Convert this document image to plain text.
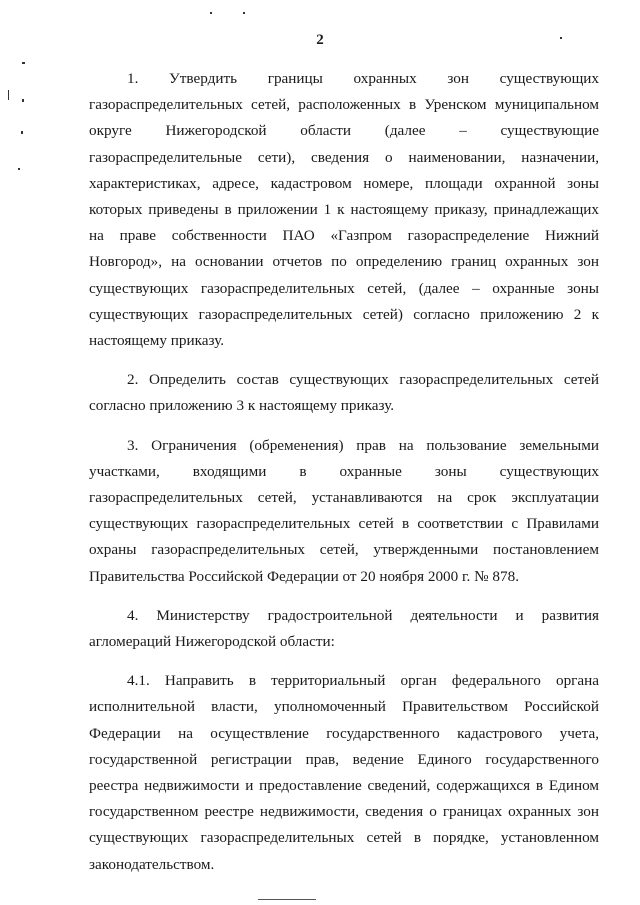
2

1. Утвердить границы охранных зон существующих газораспределительных сетей, расположенных в Уренском муниципальном округе Нижегородской области (далее – существующие газораспределительные сети), сведения о наименовании, назначении, характеристиках, адресе, кадастровом номере, площади охранной зоны которых приведены в приложении 1 к настоящему приказу, принадлежащих на праве собственности ПАО «Газпром газораспределение Нижний Новгород», на основании отчетов по определению границ охранных зон существующих газораспределительных сетей, (далее – охранные зоны существующих газораспределительных сетей) согласно приложению 2 к настоящему приказу.

2. Определить состав существующих газораспределительных сетей согласно приложению 3 к настоящему приказу.

3. Ограничения (обременения) прав на пользование земельными участками, входящими в охранные зоны существующих газораспределительных сетей, устанавливаются на срок эксплуатации существующих газораспределительных сетей в соответствии с Правилами охраны газораспределительных сетей, утвержденными постановлением Правительства Российской Федерации от 20 ноября 2000 г. № 878.

4. Министерству градостроительной деятельности и развития агломераций Нижегородской области:

4.1. Направить в территориальный орган федерального органа исполнительной власти, уполномоченный Правительством Российской Федерации на осуществление государственного кадастрового учета, государственной регистрации прав, ведение Единого государственного реестра недвижимости и предоставление сведений, содержащихся в Едином государственном реестре недвижимости, сведения о границах охранных зон существующих газораспределительных сетей в порядке, установленном законодательством.
